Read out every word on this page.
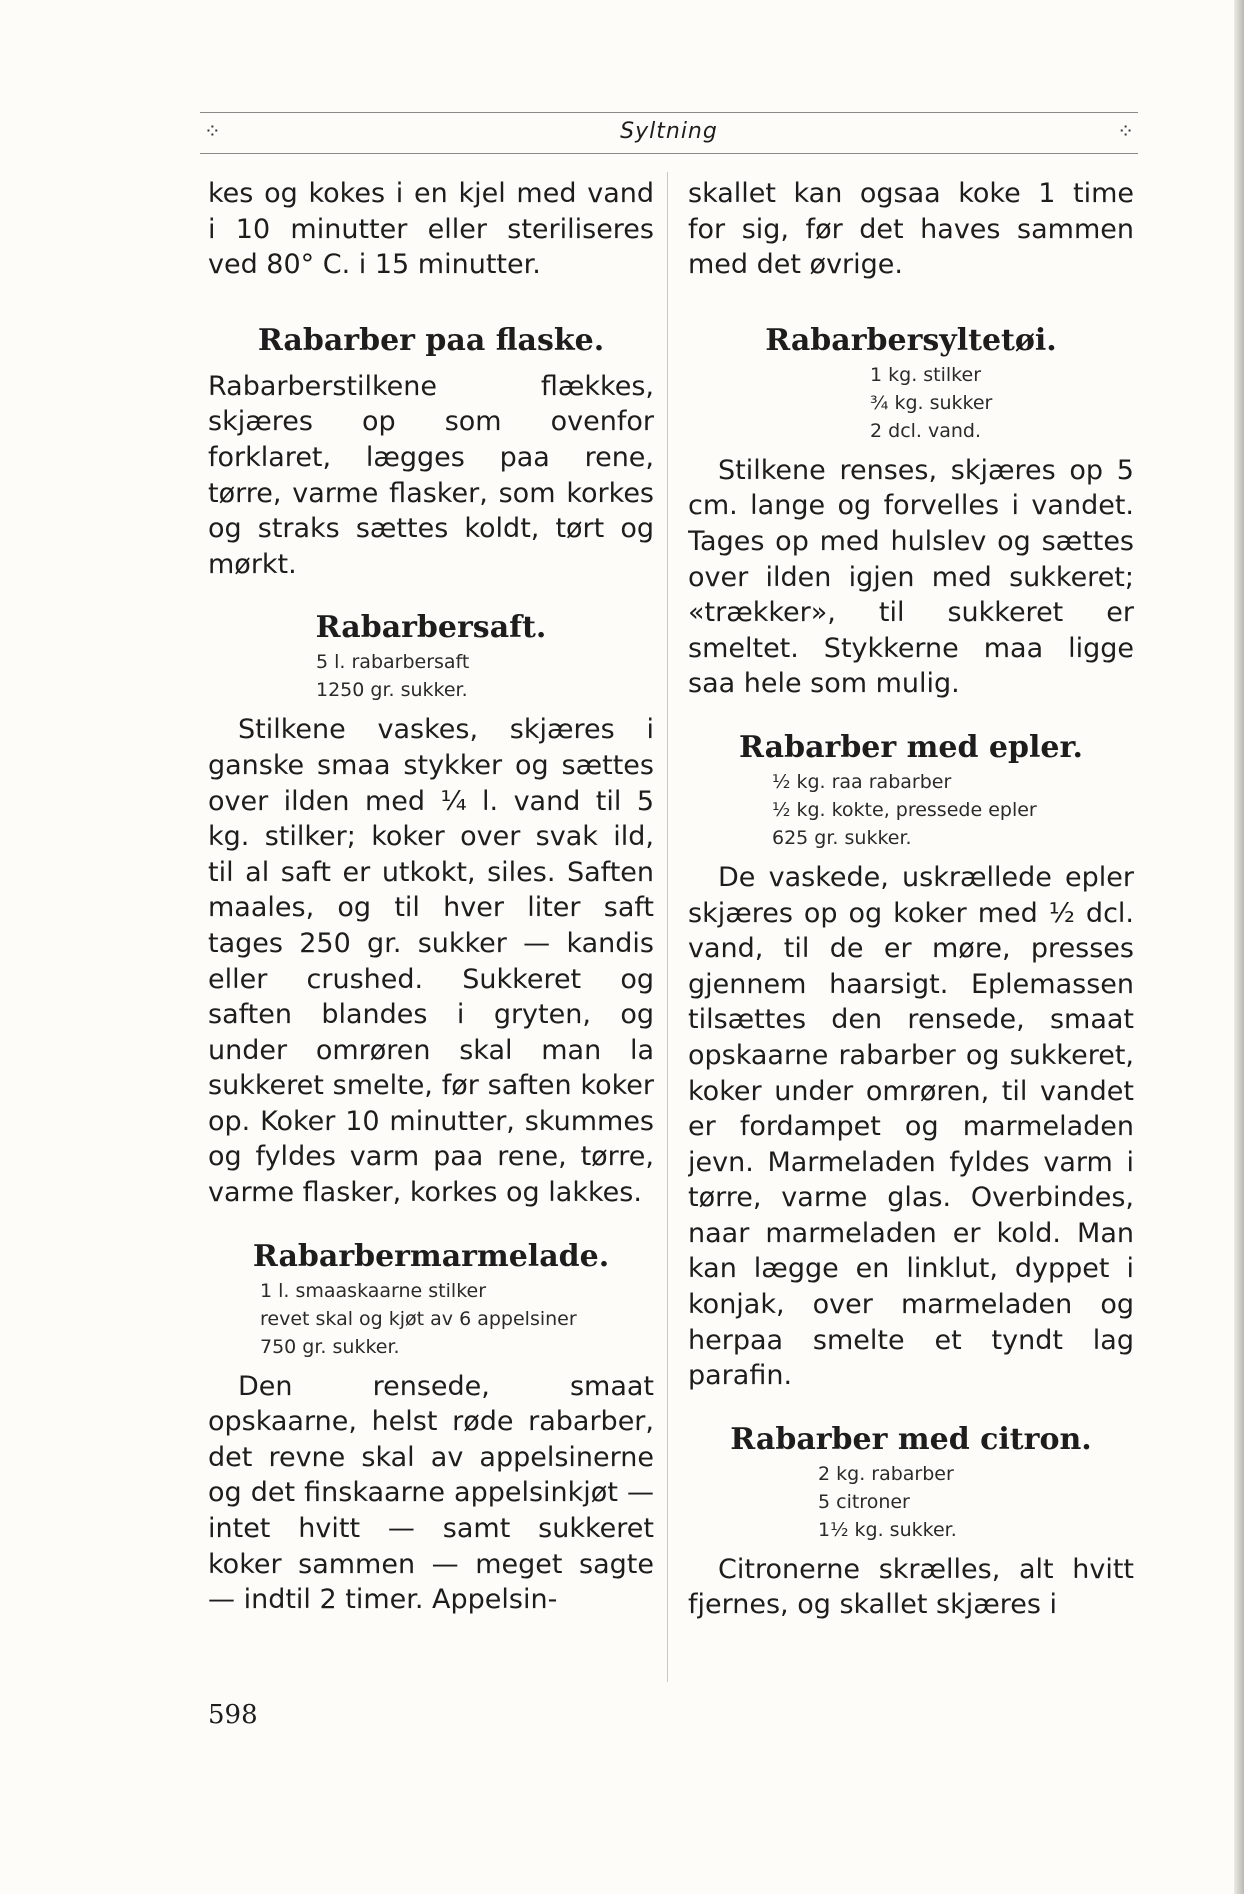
⁘	Syltning	⁘

kes og kokes i en kjel med vand i 10 minutter eller steriliseres ved 80° C. i 15 minutter.

Rabarber paa flaske.

Rabarberstilkene flækkes, skjæres op som ovenfor forklaret, lægges paa rene, tørre, varme flasker, som korkes og straks sættes koldt, tørt og mørkt.

Rabarbersaft.
5 l. rabarbersaft
1250 gr. sukker.

Stilkene vaskes, skjæres i ganske smaa stykker og sættes over ilden med ¼ l. vand til 5 kg. stilker; koker over svak ild, til al saft er utkokt, siles. Saften maales, og til hver liter saft tages 250 gr. sukker — kandis eller crushed. Sukkeret og saften blandes i gryten, og under omrøren skal man la sukkeret smelte, før saften koker op. Koker 10 minutter, skummes og fyldes varm paa rene, tørre, varme flasker, korkes og lakkes.

Rabarbermarmelade.
1 l. smaaskaarne stilker
revet skal og kjøt av 6 appelsiner
750 gr. sukker.

Den rensede, smaat opskaarne, helst røde rabarber, det revne skal av appelsinerne og det finskaarne appelsinkjøt — intet hvitt — samt sukkeret koker sammen — meget sagte — indtil 2 timer. Appelsin-

skallet kan ogsaa koke 1 time for sig, før det haves sammen med det øvrige.

Rabarbersyltetøi.
1 kg. stilker
¾ kg. sukker
2 dcl. vand.

Stilkene renses, skjæres op 5 cm. lange og forvelles i vandet. Tages op med hulslev og sættes over ilden igjen med sukkeret; «trækker», til sukkeret er smeltet. Stykkerne maa ligge saa hele som mulig.

Rabarber med epler.
½ kg. raa rabarber
½ kg. kokte, pressede epler
625 gr. sukker.

De vaskede, uskrællede epler skjæres op og koker med ½ dcl. vand, til de er møre, presses gjennem haarsigt. Eplemassen tilsættes den rensede, smaat opskaarne rabarber og sukkeret, koker under omrøren, til vandet er fordampet og marmeladen jevn. Marmeladen fyldes varm i tørre, varme glas. Overbindes, naar marmeladen er kold. Man kan lægge en linklut, dyppet i konjak, over marmeladen og herpaa smelte et tyndt lag parafin.

Rabarber med citron.
2 kg. rabarber
5 citroner
1½ kg. sukker.

Citronerne skrælles, alt hvitt fjernes, og skallet skjæres i

598
